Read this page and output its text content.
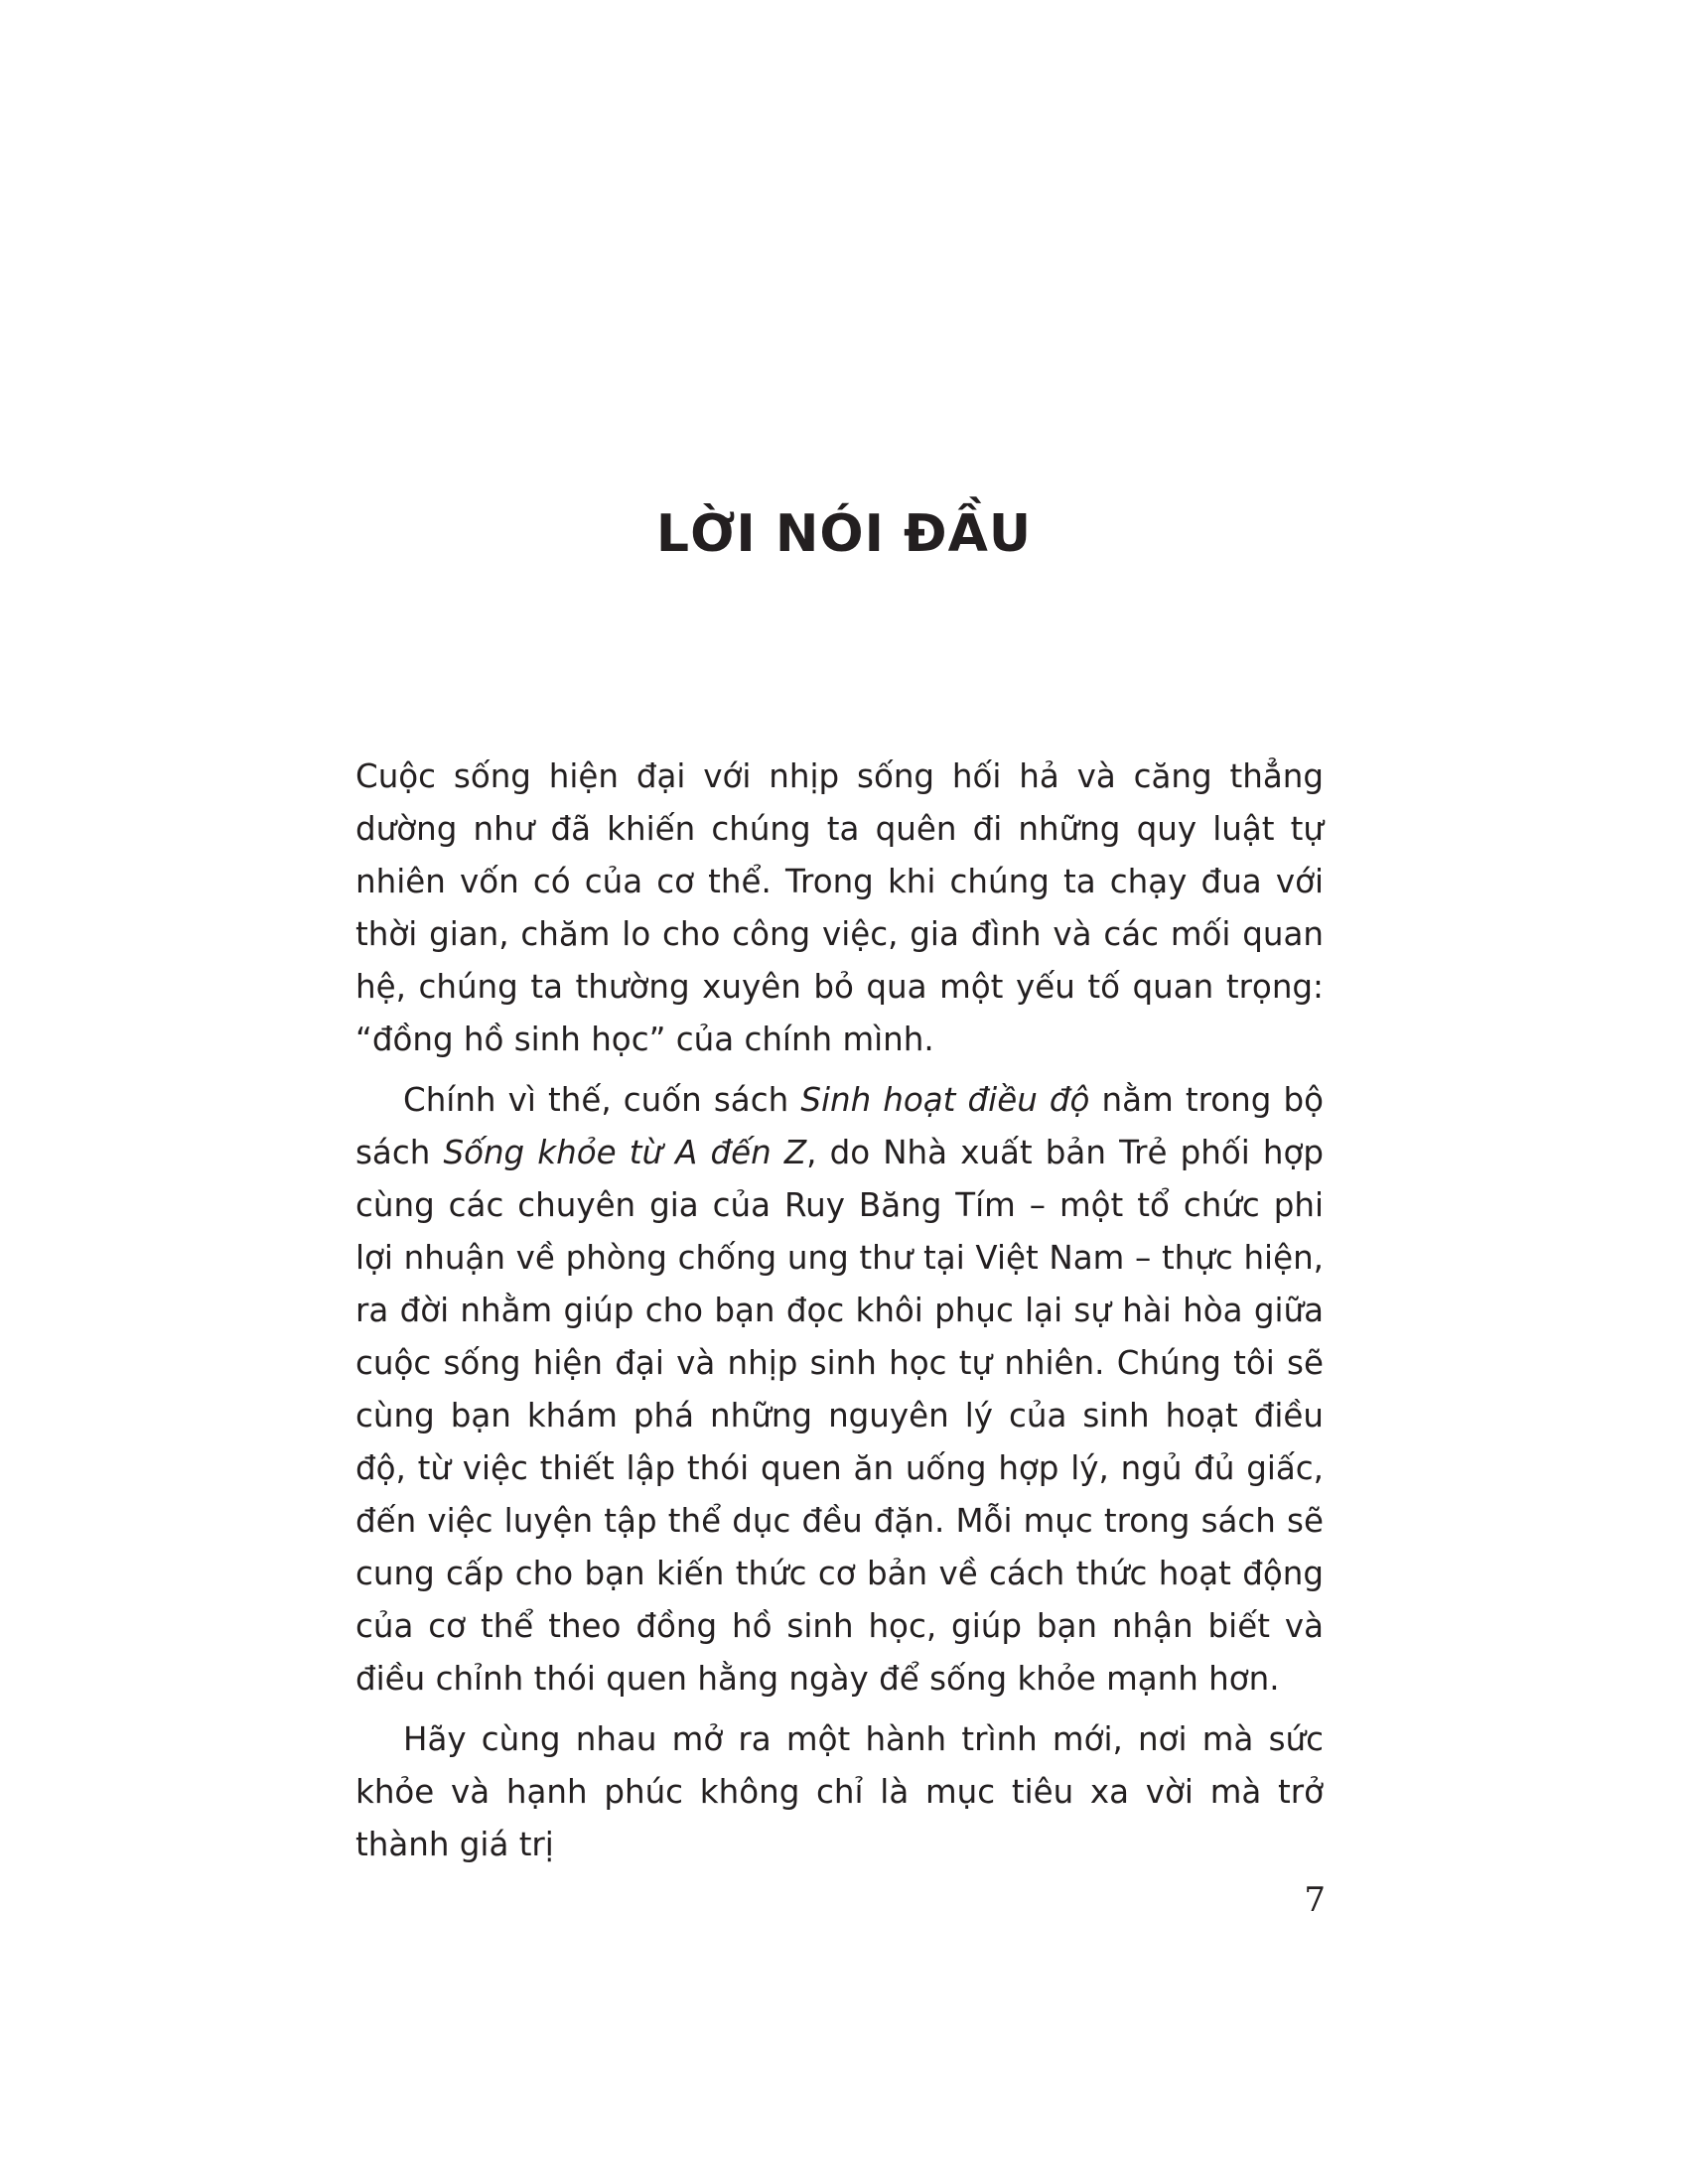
LỜI NÓI ĐẦU

Cuộc sống hiện đại với nhịp sống hối hả và căng thẳng dường như đã khiến chúng ta quên đi những quy luật tự nhiên vốn có của cơ thể. Trong khi chúng ta chạy đua với thời gian, chăm lo cho công việc, gia đình và các mối quan hệ, chúng ta thường xuyên bỏ qua một yếu tố quan trọng: “đồng hồ sinh học” của chính mình.

Chính vì thế, cuốn sách Sinh hoạt điều độ nằm trong bộ sách Sống khỏe từ A đến Z, do Nhà xuất bản Trẻ phối hợp cùng các chuyên gia của Ruy Băng Tím – một tổ chức phi lợi nhuận về phòng chống ung thư tại Việt Nam – thực hiện, ra đời nhằm giúp cho bạn đọc khôi phục lại sự hài hòa giữa cuộc sống hiện đại và nhịp sinh học tự nhiên. Chúng tôi sẽ cùng bạn khám phá những nguyên lý của sinh hoạt điều độ, từ việc thiết lập thói quen ăn uống hợp lý, ngủ đủ giấc, đến việc luyện tập thể dục đều đặn. Mỗi mục trong sách sẽ cung cấp cho bạn kiến thức cơ bản về cách thức hoạt động của cơ thể theo đồng hồ sinh học, giúp bạn nhận biết và điều chỉnh thói quen hằng ngày để sống khỏe mạnh hơn.

Hãy cùng nhau mở ra một hành trình mới, nơi mà sức khỏe và hạnh phúc không chỉ là mục tiêu xa vời mà trở thành giá trị

7
